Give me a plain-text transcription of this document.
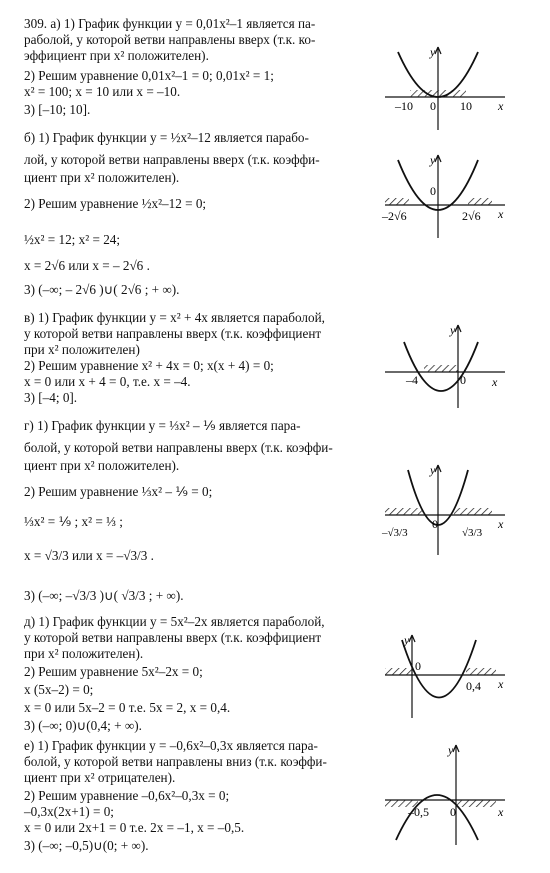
309. а) 1) График функции y = 0,01x²–1 является па-
раболой, у которой ветви направлены вверх (т.к. ко-
эффициент при x² положителен).
2) Решим уравнение 0,01x²–1 = 0; 0,01x² = 1;
x² = 100; x = 10 или x = –10.
3) [–10; 10].
б) 1) График функции y = ½x²–12 является парабо-
лой, у которой ветви направлены вверх (т.к. коэффи-
циент при x² положителен).
2) Решим уравнение ½x²–12 = 0;
½x² = 12; x² = 24;
x = 2√6 или x = – 2√6 .
3) (–∞; – 2√6 )∪( 2√6 ; + ∞).
в) 1) График функции y = x² + 4x является параболой,
у которой ветви направлены вверх (т.к. коэффициент
при x² положителен)
2) Решим уравнение x² + 4x = 0; x(x + 4) = 0;
x = 0 или x + 4 = 0, т.е. x = –4.
3) [–4; 0].
г) 1) График функции y = ⅓x² – ⅑ является пара-
болой, у которой ветви направлены вверх (т.к. коэффи-
циент при x² положителен).
2) Решим уравнение ⅓x² – ⅑ = 0;
⅓x² = ⅑ ; x² = ⅓ ;
x = √3/3 или x = –√3/3 .
3) (–∞; –√3/3 )∪( √3/3 ; + ∞).
д) 1) График функции y = 5x²–2x является параболой,
у которой ветви направлены вверх (т.к. коэффициент
при x² положителен).
2) Решим уравнение 5x²–2x = 0;
x (5x–2) = 0;
x = 0 или 5x–2 = 0 т.е. 5x = 2, x = 0,4.
3) (–∞; 0)∪(0,4; + ∞).
е) 1) График функции y = –0,6x²–0,3x является пара-
болой, у которой ветви направлены вниз (т.к. коэффи-
циент при x² отрицателен).
2) Решим уравнение –0,6x²–0,3x = 0;
–0,3x(2x+1) = 0;
x = 0 или 2x+1 = 0 т.е. 2x = –1, x = –0,5.
3) (–∞; –0,5)∪(0; + ∞).
y
x
0
–10	10
y
x
0
–2√6	2√6
y
x
0
–4
y
x
0
–√3/3	√3/3
y
x
0
0,4
y
x
0
–0,5
